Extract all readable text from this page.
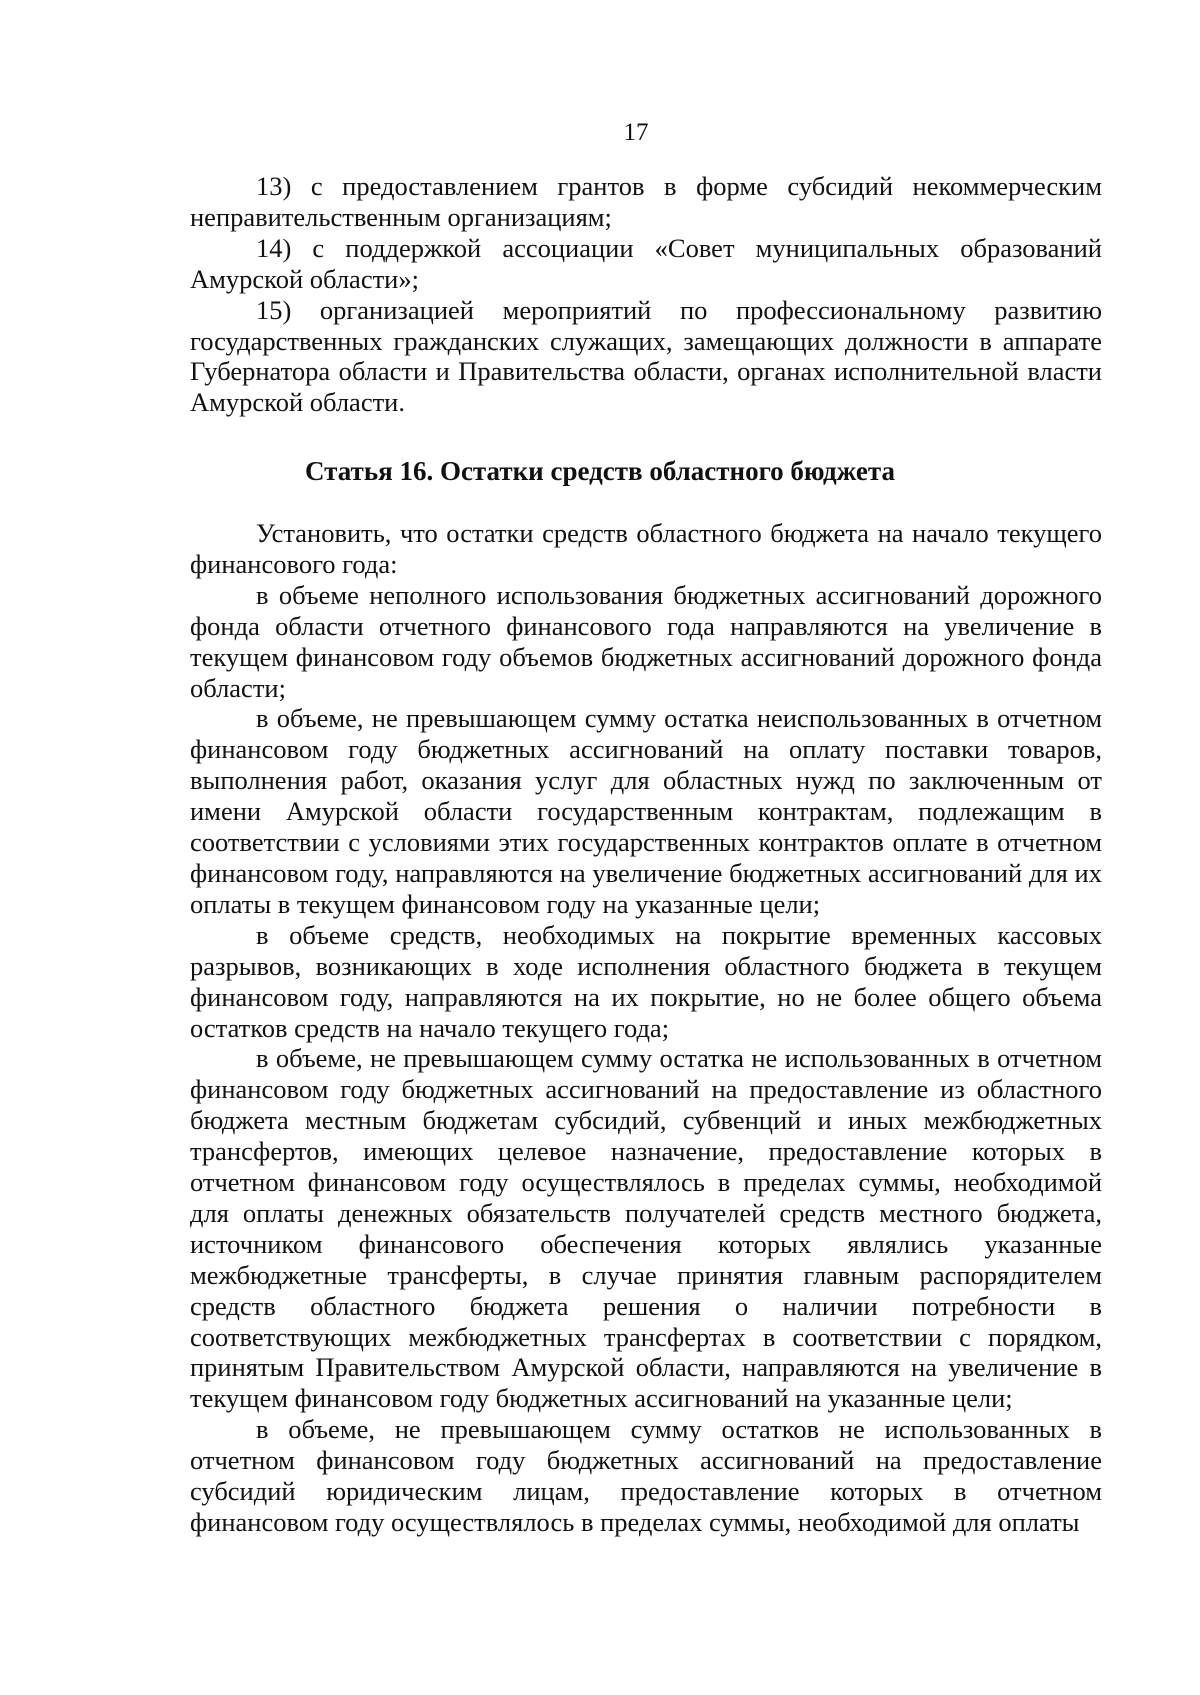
17

13) с предоставлением грантов в форме субсидий некоммерческим неправительственным организациям;

14) с поддержкой ассоциации «Совет муниципальных образований Амурской области»;

15) организацией мероприятий по профессиональному развитию государственных гражданских служащих, замещающих должности в аппарате Губернатора области и Правительства области, органах исполнительной власти Амурской области.

Статья 16. Остатки средств областного бюджета

Установить, что остатки средств областного бюджета на начало текущего финансового года:

в объеме неполного использования бюджетных ассигнований дорожного фонда области отчетного финансового года направляются на увеличение в текущем финансовом году объемов бюджетных ассигнований дорожного фонда области;

в объеме, не превышающем сумму остатка неиспользованных в отчетном финансовом году бюджетных ассигнований на оплату поставки товаров, выполнения работ, оказания услуг для областных нужд по заключенным от имени Амурской области государственным контрактам, подлежащим в соответствии с условиями этих государственных контрактов оплате в отчетном финансовом году, направляются на увеличение бюджетных ассигнований для их оплаты в текущем финансовом году на указанные цели;

в объеме средств, необходимых на покрытие временных кассовых разрывов, возникающих в ходе исполнения областного бюджета в текущем финансовом году, направляются на их покрытие, но не более общего объема остатков средств на начало текущего года;

в объеме, не превышающем сумму остатка не использованных в отчетном финансовом году бюджетных ассигнований на предоставление из областного бюджета местным бюджетам субсидий, субвенций и иных межбюджетных трансфертов, имеющих целевое назначение, предоставление которых в отчетном финансовом году осуществлялось в пределах суммы, необходимой для оплаты денежных обязательств получателей средств местного бюджета, источником финансового обеспечения которых являлись указанные межбюджетные трансферты, в случае принятия главным распорядителем средств областного бюджета решения о наличии потребности в соответствующих межбюджетных трансфертах в соответствии с порядком, принятым Правительством Амурской области, направляются на увеличение в текущем финансовом году бюджетных ассигнований на указанные цели;

в объеме, не превышающем сумму остатков не использованных в отчетном финансовом году бюджетных ассигнований на предоставление субсидий юридическим лицам, предоставление которых в отчетном финансовом году осуществлялось в пределах суммы, необходимой для оплаты
